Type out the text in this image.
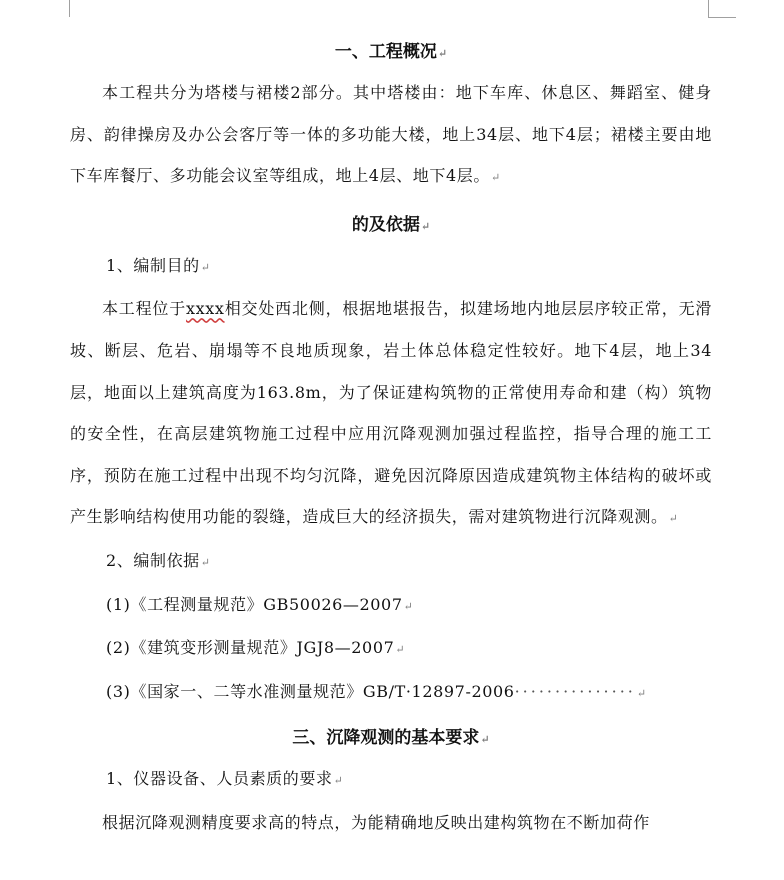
一、工程概况↵

本工程共分为塔楼与裙楼2部分。其中塔楼由：地下车库、休息区、舞蹈室、健身房、韵律操房及办公会客厅等一体的多功能大楼，地上34层、地下4层；裙楼主要由地下车库餐厅、多功能会议室等组成，地上4层、地下4层。↵

的及依据↵

1、编制目的↵

本工程位于xxxx相交处西北侧，根据地堪报告，拟建场地内地层层序较正常，无滑坡、断层、危岩、崩塌等不良地质现象，岩土体总体稳定性较好。地下4层，地上34层，地面以上建筑高度为163.8m，为了保证建构筑物的正常使用寿命和建（构）筑物的安全性，在高层建筑物施工过程中应用沉降观测加强过程监控，指导合理的施工工序，预防在施工过程中出现不均匀沉降，避免因沉降原因造成建筑物主体结构的破坏或产生影响结构使用功能的裂缝，造成巨大的经济损失，需对建筑物进行沉降观测。↵

2、编制依据↵

(1)《工程测量规范》GB50026—2007↵

(2)《建筑变形测量规范》JGJ8—2007↵

(3)《国家一、二等水准测量规范》GB/T·12897-2006···············↵

三、沉降观测的基本要求↵

1、仪器设备、人员素质的要求↵

根据沉降观测精度要求高的特点，为能精确地反映出建构筑物在不断加荷作
